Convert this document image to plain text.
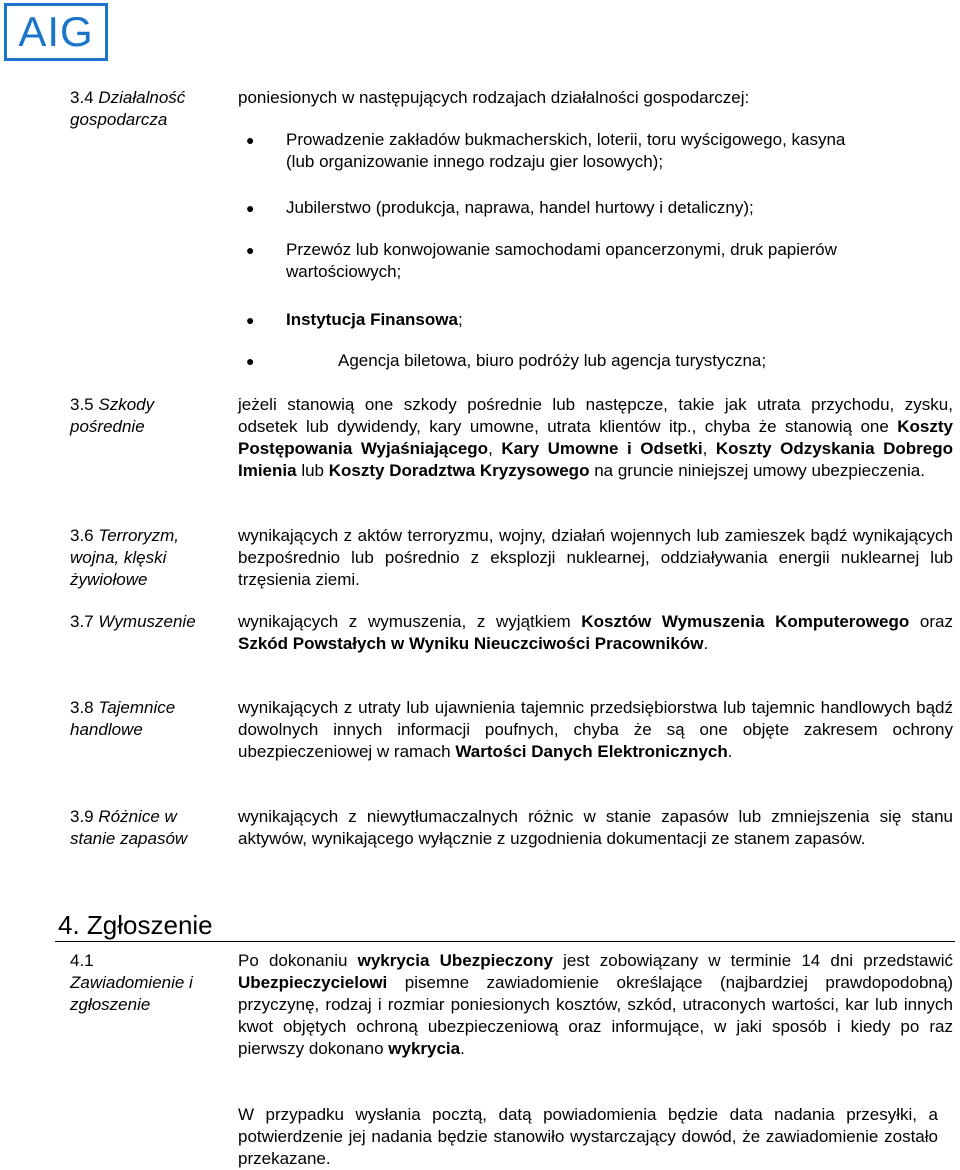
AIG
3.4 Działalność
gospodarcza
poniesionych w następujących rodzajach działalności gospodarczej:
● Prowadzenie zakładów bukmacherskich, loterii, toru wyścigowego, kasyna
(lub organizowanie innego rodzaju gier losowych);
● Jubilerstwo (produkcja, naprawa, handel hurtowy i detaliczny);
● Przewóz lub konwojowanie samochodami opancerzonymi, druk papierów
wartościowych;
● Instytucja Finansowa;
●	Agencja biletowa, biuro podróży lub agencja turystyczna;
3.5 Szkody
pośrednie
jeżeli stanowią one szkody pośrednie lub następcze, takie jak utrata przychodu, zysku, odsetek lub dywidendy, kary umowne, utrata klientów itp., chyba że stanowią one Koszty Postępowania Wyjaśniającego, Kary Umowne i Odsetki, Koszty Odzyskania Dobrego Imienia lub Koszty Doradztwa Kryzysowego na gruncie niniejszej umowy ubezpieczenia.
3.6 Terroryzm,
wojna, klęski
żywiołowe
wynikających z aktów terroryzmu, wojny, działań wojennych lub zamieszek bądź wynikających bezpośrednio lub pośrednio z eksplozji nuklearnej, oddziaływania energii nuklearnej lub trzęsienia ziemi.
3.7 Wymuszenie	wynikających z wymuszenia, z wyjątkiem Kosztów Wymuszenia Komputerowego oraz Szkód Powstałych w Wyniku Nieuczciwości Pracowników.
3.8 Tajemnice
handlowe
wynikających z utraty lub ujawnienia tajemnic przedsiębiorstwa lub tajemnic handlowych bądź dowolnych innych informacji poufnych, chyba że są one objęte zakresem ochrony ubezpieczeniowej w ramach Wartości Danych Elektronicznych.
3.9 Różnice w
stanie zapasów
wynikających z niewytłumaczalnych różnic w stanie zapasów lub zmniejszenia się stanu aktywów, wynikającego wyłącznie z uzgodnienia dokumentacji ze stanem zapasów.
4. Zgłoszenie
4.1
Zawiadomienie i
zgłoszenie
Po dokonaniu wykrycia Ubezpieczony jest zobowiązany w terminie 14 dni przedstawić Ubezpieczycielowi pisemne zawiadomienie określające (najbardziej prawdopodobną) przyczynę, rodzaj i rozmiar poniesionych kosztów, szkód, utraconych wartości, kar lub innych kwot objętych ochroną ubezpieczeniową oraz informujące, w jaki sposób i kiedy po raz pierwszy dokonano wykrycia.
W przypadku wysłania pocztą, datą powiadomienia będzie data nadania przesyłki, a potwierdzenie jej nadania będzie stanowiło wystarczający dowód, że zawiadomienie zostało przekazane.
